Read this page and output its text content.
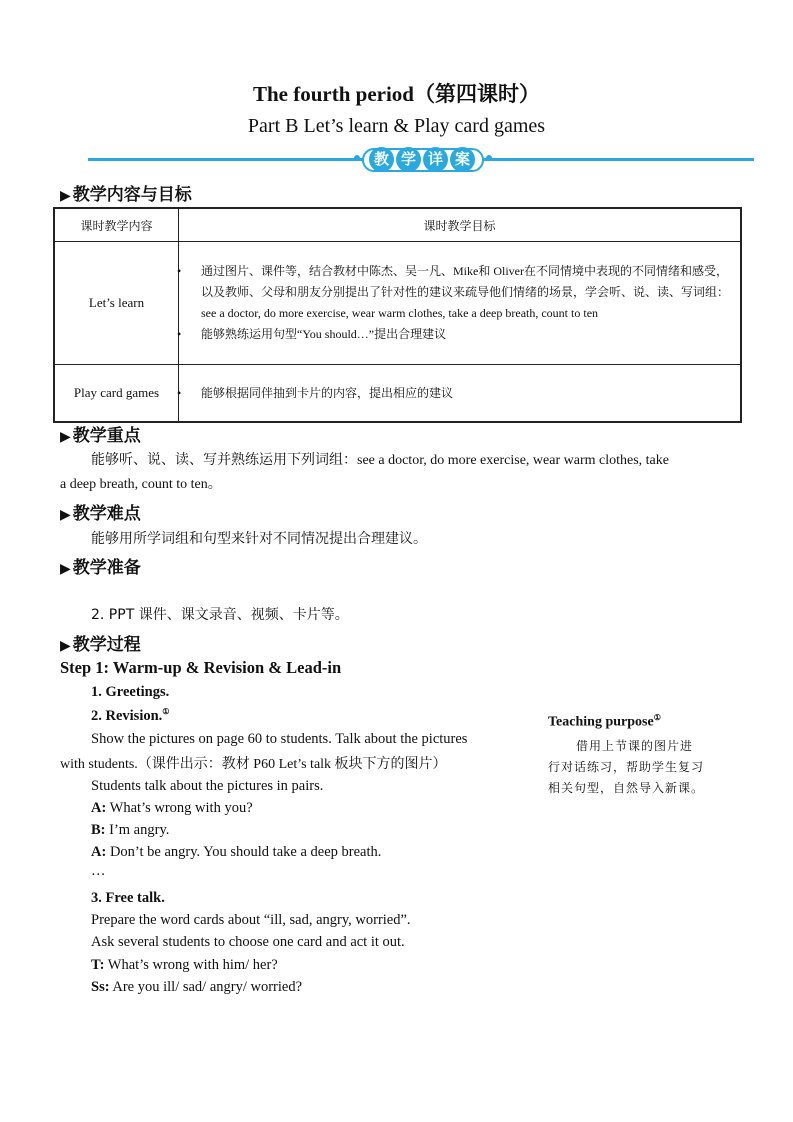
The fourth period（第四课时）
Part B Let’s learn & Play card games
教 学 详 案
▶ 教学内容与目标
课时教学内容	课时教学目标
Let’s learn	• 通过图片、课件等，结合教材中陈杰、吴一凡、Mike和 Oliver在不同情境中表现的不同情绪和感受，以及教师、父母和朋友分别提出了针对性的建议来疏导他们情绪的场景，学会听、说、读、写词组：see a doctor, do more exercise, wear warm clothes, take a deep breath, count to ten

• 能够熟练运用句型“You should…”提出合理建议

Play card games	• 能够根据同伴抽到卡片的内容，提出相应的建议

▶ 教学重点
能够听、说、读、写并熟练运用下列词组：see a doctor, do more exercise, wear warm clothes, take
a deep breath, count to ten。
▶ 教学难点
能够用所学词组和句型来针对不同情况提出合理建议。
▶ 教学准备
2. PPT 课件、课文录音、视频、卡片等。
▶ 教学过程
Step 1: Warm-up & Revision & Lead-in
1. Greetings.
2. Revision.①
Show the pictures on page 60 to students. Talk about the pictures
with students.（课件出示：教材 P60 Let’s talk 板块下方的图片）
Students talk about the pictures in pairs.
A: What’s wrong with you?
B: I’m angry.
A: Don’t be angry. You should take a deep breath.
…
3. Free talk.
Prepare the word cards about “ill, sad, angry, worried”.
Ask several students to choose one card and act it out.
T: What’s wrong with him/ her?
Ss: Are you ill/ sad/ angry/ worried?
Teaching purpose①
借用上节课的图片进
行对话练习，帮助学生复习
相关句型，自然导入新课。
